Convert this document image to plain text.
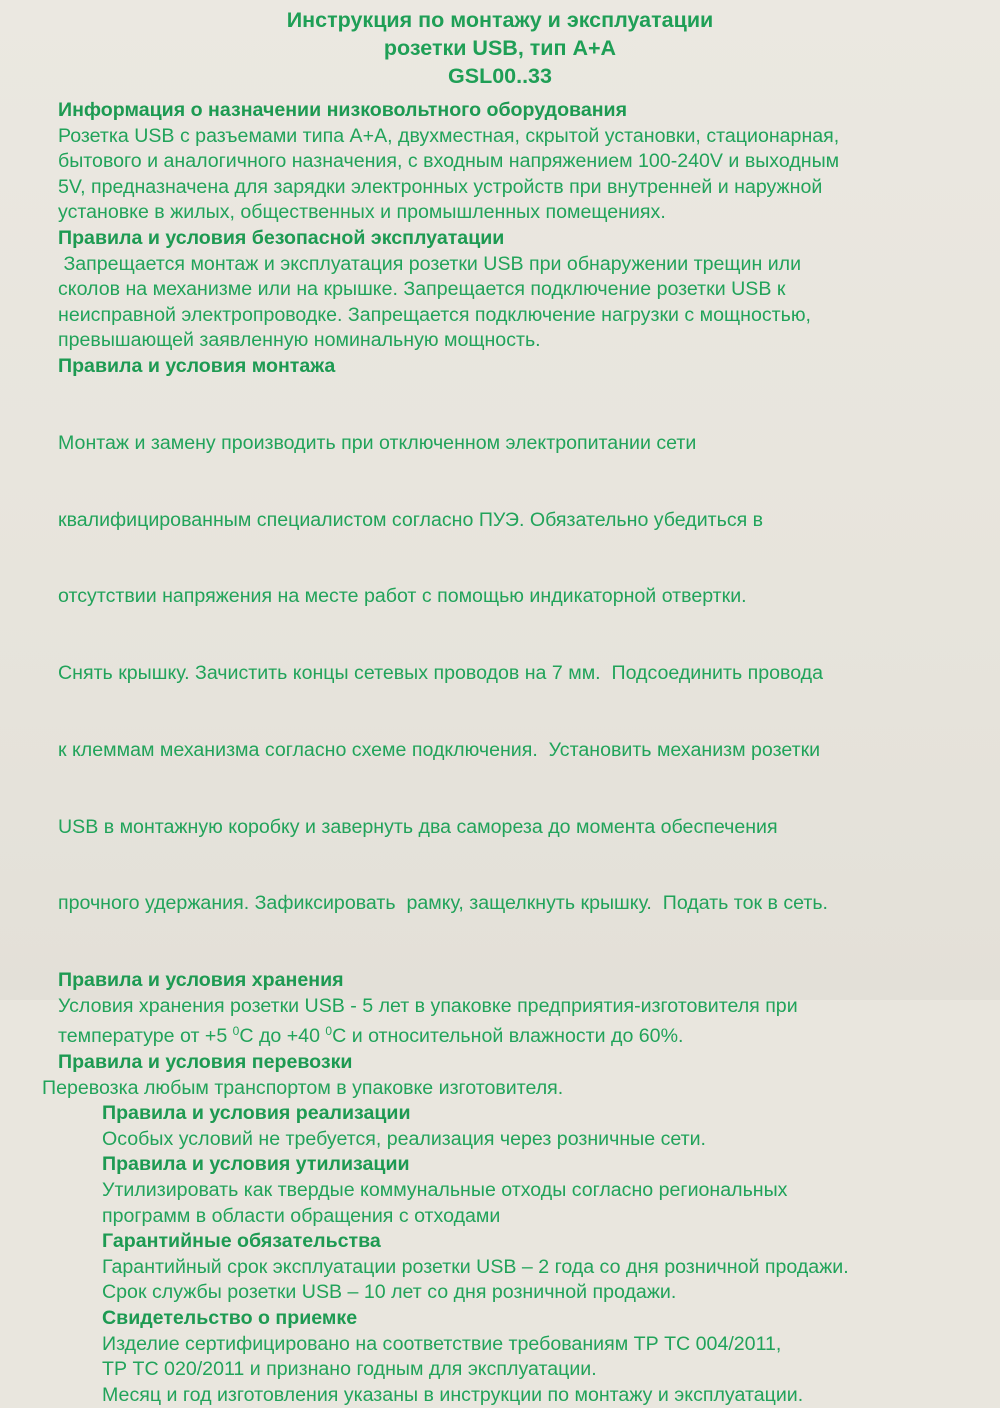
Инструкция по монтажу и эксплуатации
розетки USB, тип А+А
GSL00..33
Информация о назначении низковольтного оборудования
Розетка USB с разъемами типа А+А, двухместная, скрытой установки, стационарная,
бытового и аналогичного назначения, с входным напряжением 100-240V и выходным
5V, предназначена для зарядки электронных устройств при внутренней и наружной
установке в жилых, общественных и промышленных помещениях.
Правила и условия безопасной эксплуатации
Запрещается монтаж и эксплуатация розетки USB при обнаружении трещин или
сколов на механизме или на крышке. Запрещается подключение розетки USB к
неисправной электропроводке. Запрещается подключение нагрузки с мощностью,
превышающей заявленную номинальную мощность.
Правила и условия монтажа

Монтаж и замену производить при отключенном электропитании сети

квалифицированным специалистом согласно ПУЭ. Обязательно убедиться в

отсутствии напряжения на месте работ с помощью индикаторной отвертки.

Снять крышку. Зачистить концы сетевых проводов на 7 мм.  Подсоединить провода

к клеммам механизма согласно схеме подключения.  Установить механизм розетки

USB в монтажную коробку и завернуть два самореза до момента обеспечения

прочного удержания. Зафиксировать  рамку, защелкнуть крышку.  Подать ток в сеть.

Правила и условия хранения
Условия хранения розетки USB - 5 лет в упаковке предприятия-изготовителя при
температуре от +5 $^0$С до +40 $^0$С и относительной влажности до 60%.
Правила и условия перевозки
Перевозка любым транспортом в упаковке изготовителя.
Правила и условия реализации
Особых условий не требуется, реализация через розничные сети.
Правила и условия утилизации
Утилизировать как твердые коммунальные отходы согласно региональных
программ в области обращения с отходами
Гарантийные обязательства
Гарантийный срок эксплуатации розетки USB – 2 года со дня розничной продажи.
Срок службы розетки USB – 10 лет со дня розничной продажи.
Свидетельство о приемке
Изделие сертифицировано на соответствие требованиям ТР ТС 004/2011,
ТР ТС 020/2011 и признано годным для эксплуатации.
Месяц и год изготовления указаны в инструкции по монтажу и эксплуатации.
